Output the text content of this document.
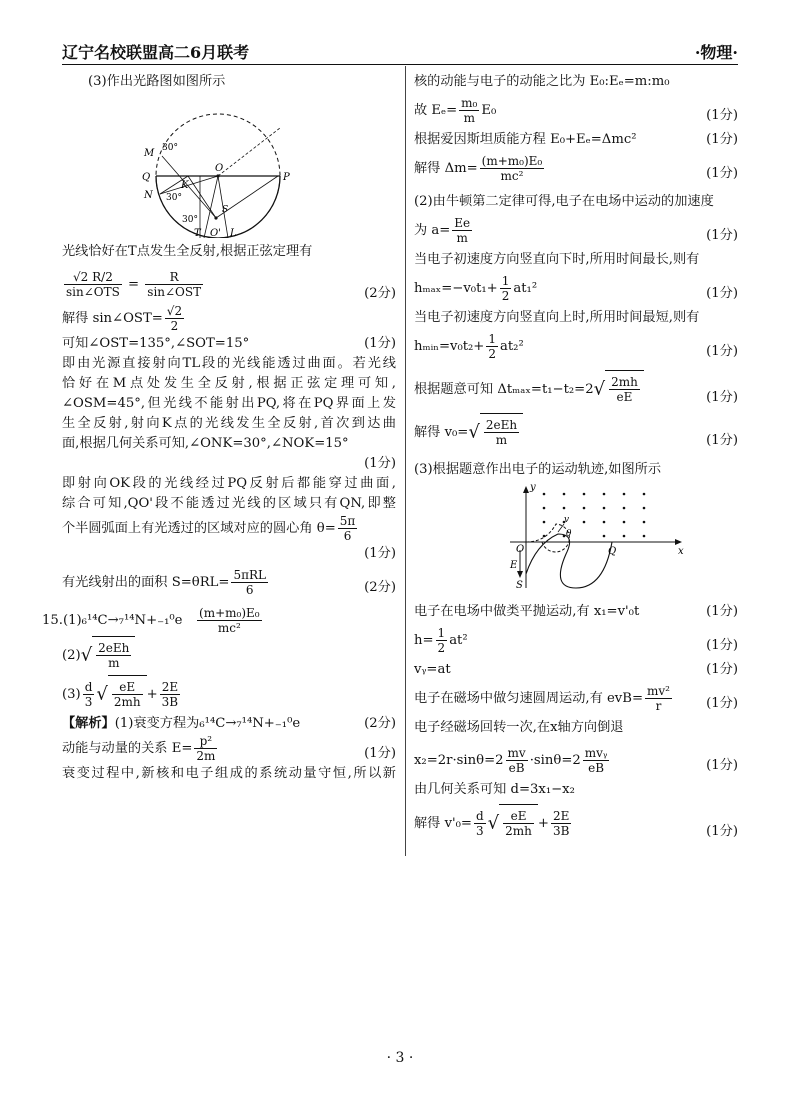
辽宁名校联盟高二6月联考	·物理·
(3)作出光路图如图所示
M
Q
N
K
O
P
T O' L
S
30°
30°
30°
光线恰好在T点发生全反射,根据正弦定理有
$\frac{√2 R/2}{\text{sin∠OTS}} = \frac{R}{\text{sin∠OST}}$	(2分)
解得 sin∠OST= $\frac{√2}{2}$
可知∠OST=135°,∠SOT=15°	(1分)
即由光源直接射向TL段的光线能透过曲面。若光线
恰好在M点处发生全反射,根据正弦定理可知,
∠OSM=45°,但光线不能射出PQ,将在PQ界面上发
生全反射,射向K点的光线发生全反射,首次到达曲
面,根据几何关系可知,∠ONK=30°,∠NOK=15°
(1分)
即射向OK段的光线经过PQ反射后都能穿过曲面,
综合可知,QO'段不能透过光线的区域只有QN,即整
个半圆弧面上有光透过的区域对应的圆心角 $\theta= \frac{5\pi}{6}$
(1分)
有光线射出的面积 $S=\theta RL= \frac{\text{5πRL}}{6}$	(2分)
$15.(1)_6^{14}C\to_7^{14}N+_{-1}^0e \frac{\text{(m+m₀)E₀}}{\text{mc²}}$
$(2)√ \frac{\text{2eEh}}{m}$
$(3) \frac{d}{3}$ √ $\frac{eE}{2mh} + \frac{2E}{3B}$
【解析】(1)衰变方程为₆¹⁴C→₇¹⁴N+₋₁⁰e	(2分)
动能与动量的关系 $E= \frac{\text{p²}}{2m}$	(1分)
衰变过程中,新核和电子组成的系统动量守恒,所以新
核的动能与电子的动能之比为 E₀:Eₑ=m:m₀
故 $E_e= \frac{\text{m₀}}{m} E_0$	(1分)
根据爱因斯坦质能方程 E₀+Eₑ=Δmc²	(1分)
解得 $\Delta m= \frac{\text{(m+m₀)E₀}}{\text{mc²}}$	(1分)
(2)由牛顿第二定律可得,电子在电场中运动的加速度
为 $a= \frac{Ee}{m}$	(1分)
当电子初速度方向竖直向下时,所用时间最长,则有
$h_{max}=-v_0t_1+ \frac{1}{2} at_1^2$	(1分)
当电子初速度方向竖直向上时,所用时间最短,则有
hₘᵢₙ=v₀t₂+ $\frac{1}{2} at_2^2$	(1分)
根据题意可知 $\Delta t_{max}=t_1-t_2=2√ \frac{2mh}{eE}$	(1分)
解得 $v_0=√ \frac{\text{2eEh}}{m}$	(1分)
(3)根据题意作出电子的运动轨迹,如图所示
y
x
O	Q
E
S
v
θ
电子在电场中做类平抛运动,有 x₁=v'₀t	(1分)
$h= \frac{1}{2} at^2$	(1分)
vᵧ=at	(1分)
电子在磁场中做匀速圆周运动,有 $evB= \frac{\text{mv²}}{r}$	(1分)
电子经磁场回转一次,在x轴方向倒退
$x_2=2r\cdot\sin\theta=2 \frac{mv}{eB} \cdot\sin\theta=2 \frac{\text{mvᵧ}}{eB}$	(1分)
由几何关系可知 d=3x₁−x₂
解得 $v'_0= \frac{d}{3}$ √ $\frac{eE}{2mh} + \frac{2E}{3B}$	(1分)
· 3 ·
